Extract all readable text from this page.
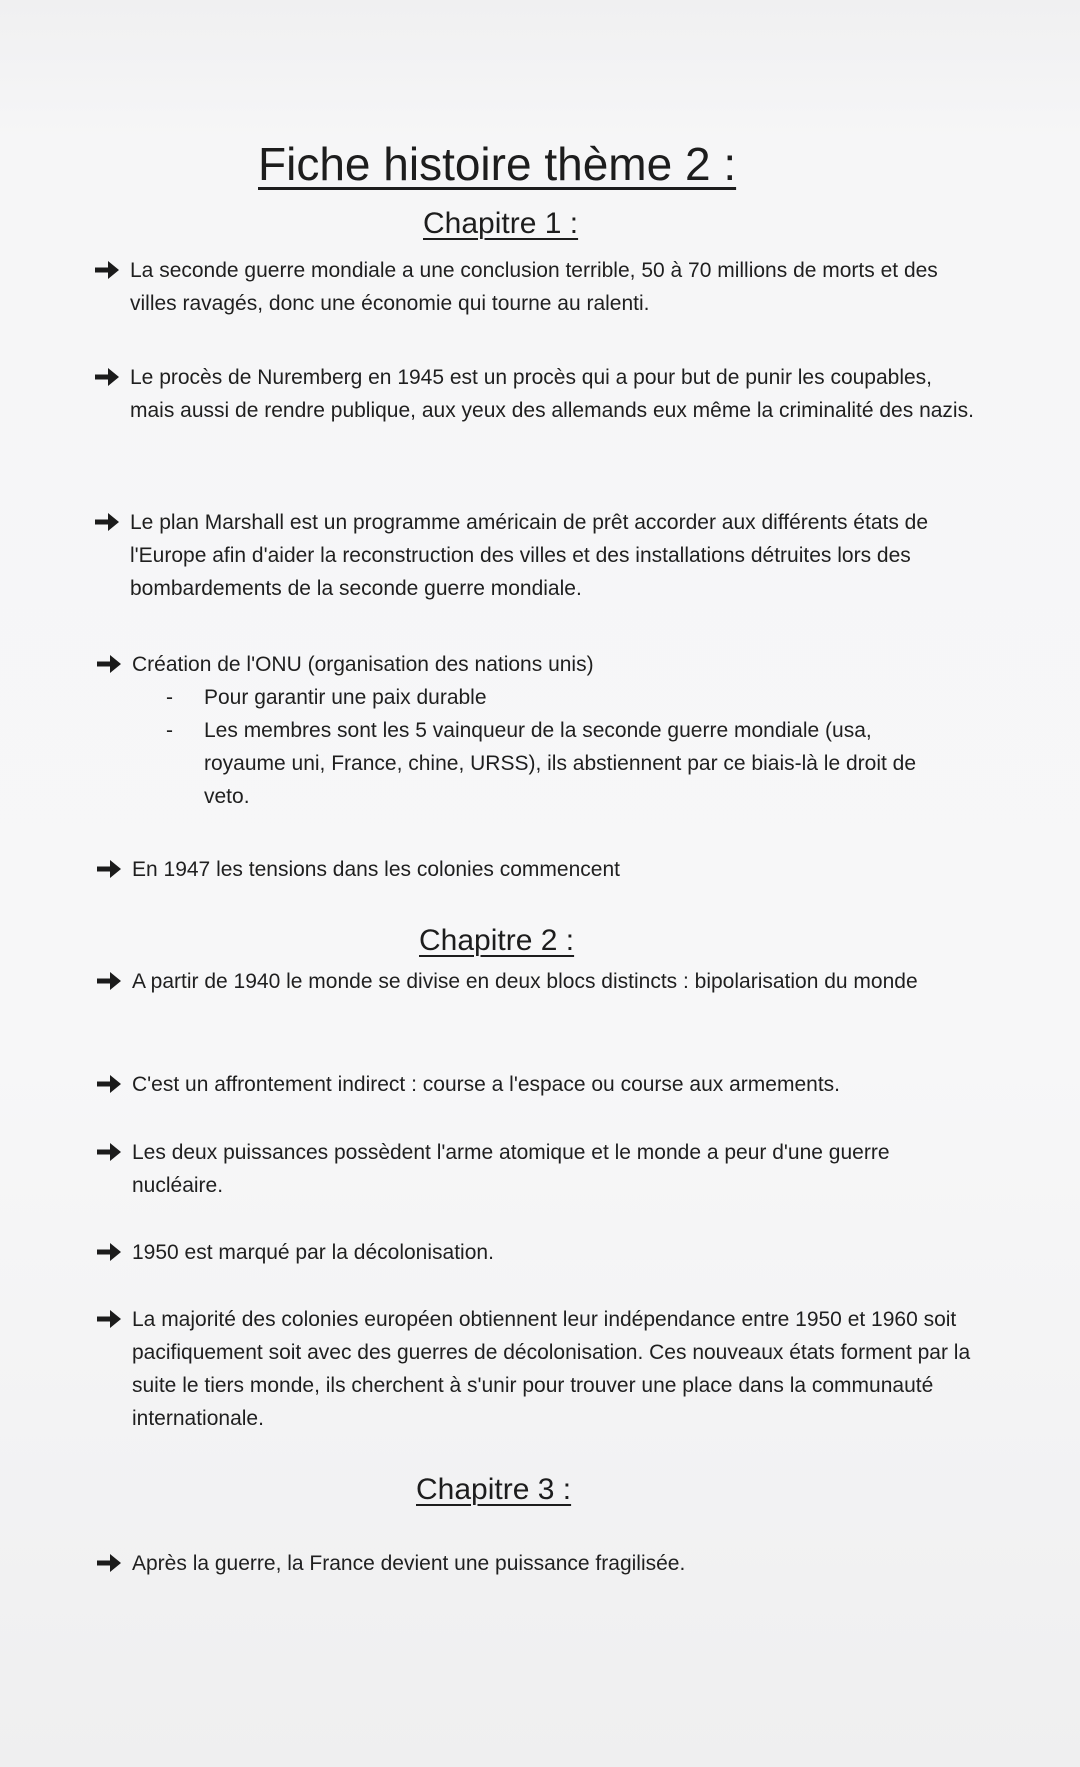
Fiche histoire thème 2 :
Chapitre 1 :
La seconde guerre mondiale a une conclusion terrible, 50 à 70 millions de morts et des villes ravagés, donc une économie qui tourne au ralenti.
Le procès de Nuremberg en 1945 est un procès qui a pour but de punir les coupables, mais aussi de rendre publique, aux yeux des allemands eux même la criminalité des nazis.
Le plan Marshall est un programme américain de prêt accorder aux différents états de l'Europe afin d'aider la reconstruction des villes et des installations détruites lors des bombardements de la seconde guerre mondiale.
Création de l'ONU (organisation des nations unis)
-	Pour garantir une paix durable
-	Les membres sont les 5 vainqueur de la seconde guerre mondiale (usa, royaume uni, France, chine, URSS), ils abstiennent par ce biais-là le droit de veto.
En 1947 les tensions dans les colonies commencent
Chapitre 2 :
A partir de 1940 le monde se divise en deux blocs distincts : bipolarisation du monde
C'est un affrontement indirect : course a l'espace ou course aux armements.
Les deux puissances possèdent l'arme atomique et le monde a peur d'une guerre nucléaire.
1950 est marqué par la décolonisation.
La majorité des colonies européen obtiennent leur indépendance entre 1950 et 1960 soit pacifiquement soit avec des guerres de décolonisation. Ces nouveaux états forment par la suite le tiers monde, ils cherchent à s'unir pour trouver une place dans la communauté internationale.
Chapitre 3 :
Après la guerre, la France devient une puissance fragilisée.
